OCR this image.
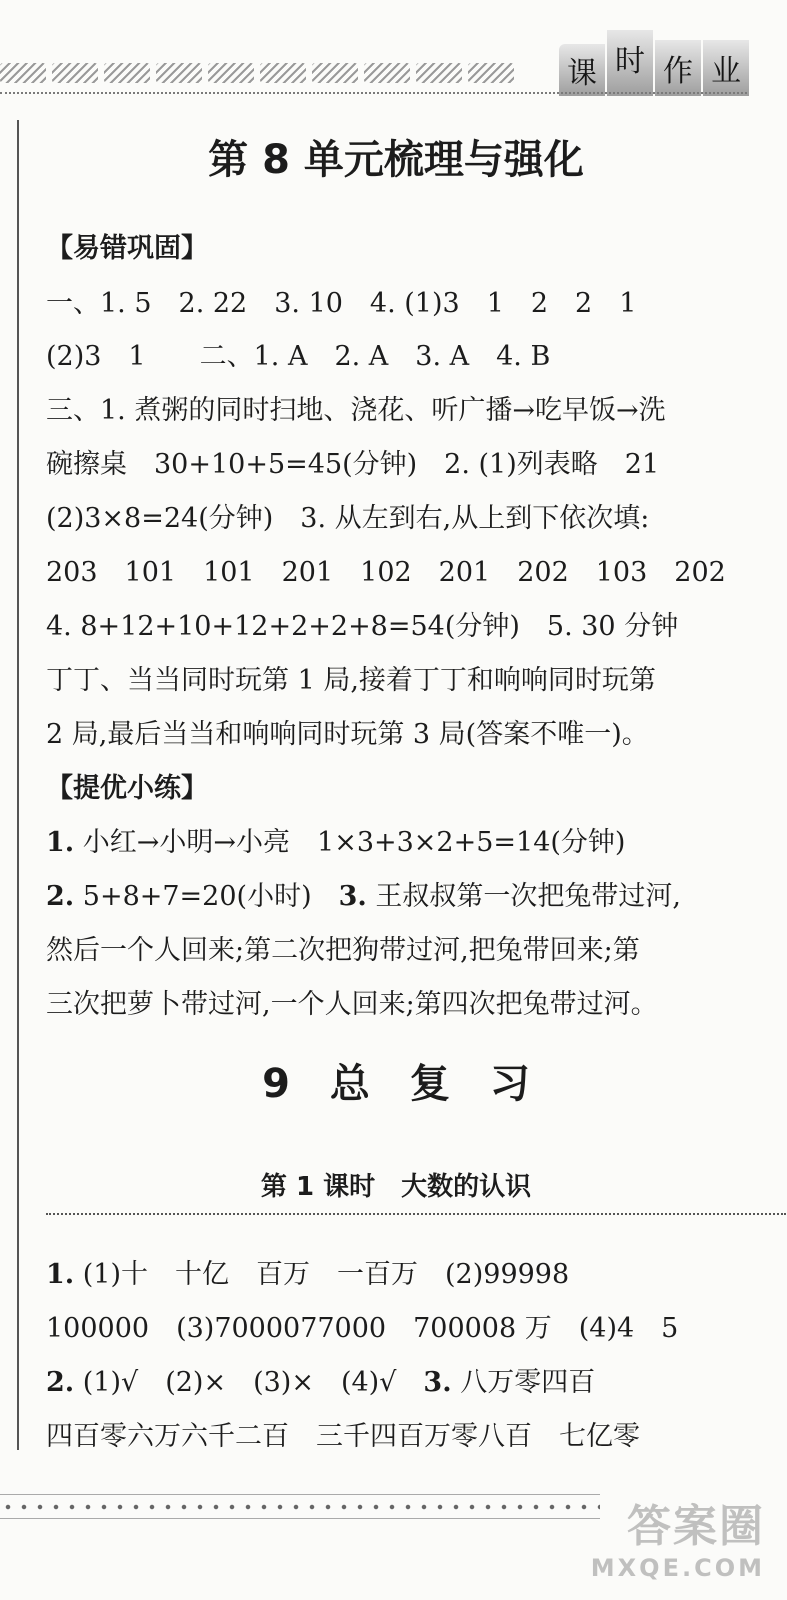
课 时 作 业
第 8 单元梳理与强化
【易错巩固】
一、1. 5　2. 22　3. 10　4. (1)3　1　2　2　1
(2)3　1　　二、1. A　2. A　3. A　4. B
三、1. 煮粥的同时扫地、浇花、听广播→吃早饭→洗
碗擦桌　30+10+5=45(分钟)　2. (1)列表略　21
(2)3×8=24(分钟)　3. 从左到右,从上到下依次填:
203　101　101　201　102　201　202　103　202
4. 8+12+10+12+2+2+8=54(分钟)　5. 30 分钟
丁丁、当当同时玩第 1 局,接着丁丁和响响同时玩第
2 局,最后当当和响响同时玩第 3 局(答案不唯一)。
【提优小练】
1. 小红→小明→小亮　1×3+3×2+5=14(分钟)
2. 5+8+7=20(小时)　3. 王叔叔第一次把兔带过河,
然后一个人回来;第二次把狗带过河,把兔带回来;第
三次把萝卜带过河,一个人回来;第四次把兔带过河。
9　总　复　习
第 1 课时　大数的认识
1. (1)十　十亿　百万　一百万　(2)99998
100000　(3)7000077000　700008 万　(4)4　5
2. (1)√　(2)×　(3)×　(4)√　3. 八万零四百
四百零六万六千二百　三千四百万零八百　七亿零
答案圈
MXQE.COM
